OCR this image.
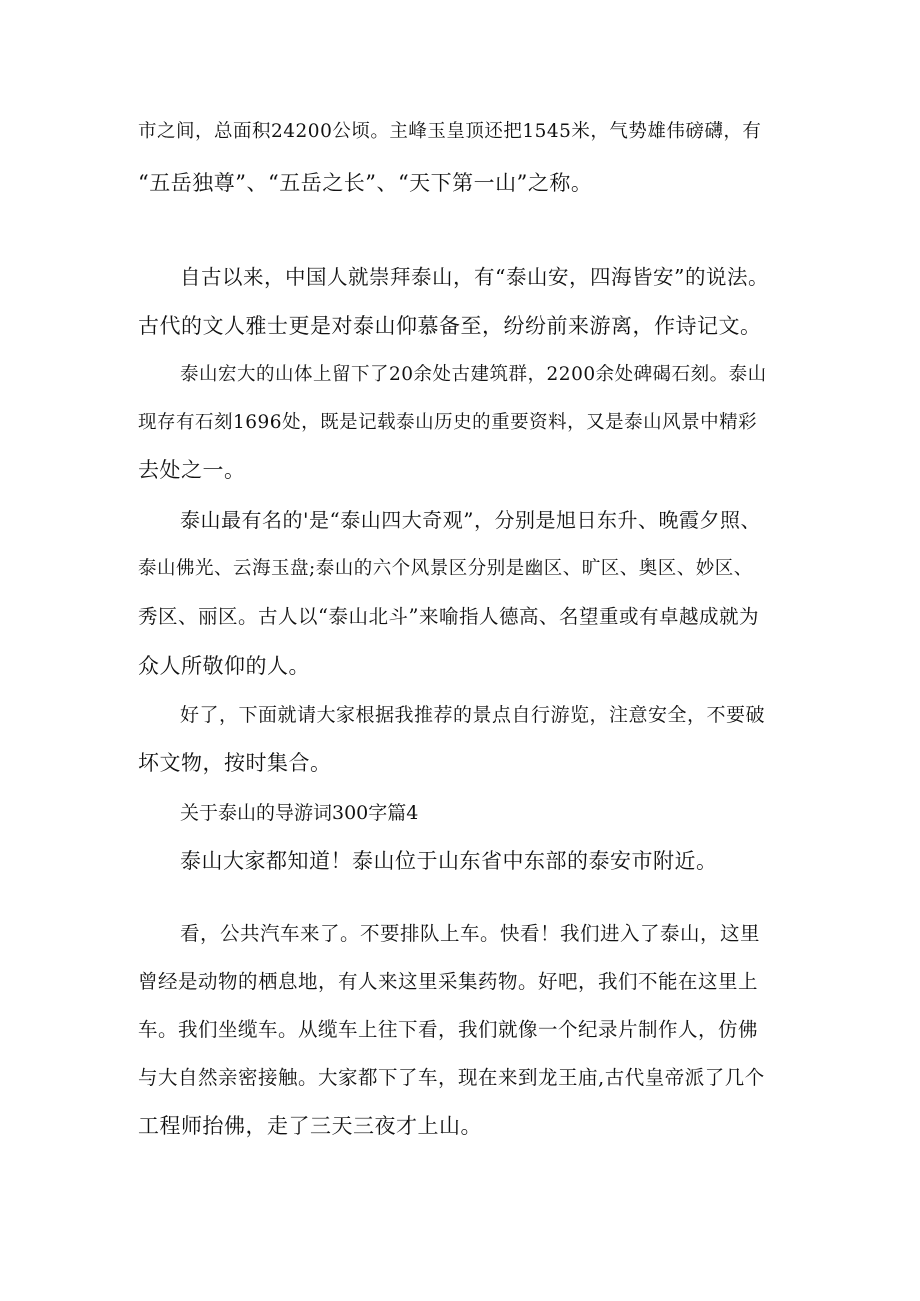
市之间，总面积24200公顷。主峰玉皇顶还把1545米，气势雄伟磅礴，有
“五岳独尊”、“五岳之长”、“天下第一山”之称。
自古以来，中国人就崇拜泰山，有“泰山安，四海皆安”的说法。
古代的文人雅士更是对泰山仰慕备至，纷纷前来游离，作诗记文。
泰山宏大的山体上留下了20余处古建筑群，2200余处碑碣石刻。泰山
现存有石刻1696处，既是记载泰山历史的重要资料，又是泰山风景中精彩
去处之一。
泰山最有名的'是“泰山四大奇观”，分别是旭日东升、晚霞夕照、
泰山佛光、云海玉盘;泰山的六个风景区分别是幽区、旷区、奥区、妙区、
秀区、丽区。古人以“泰山北斗”来喻指人德高、名望重或有卓越成就为
众人所敬仰的人。
好了，下面就请大家根据我推荐的景点自行游览，注意安全，不要破
坏文物，按时集合。
关于泰山的导游词300字篇4
泰山大家都知道！泰山位于山东省中东部的泰安市附近。
看，公共汽车来了。不要排队上车。快看！我们进入了泰山，这里
曾经是动物的栖息地，有人来这里采集药物。好吧，我们不能在这里上
车。我们坐缆车。从缆车上往下看，我们就像一个纪录片制作人，仿佛
与大自然亲密接触。大家都下了车，现在来到龙王庙,古代皇帝派了几个
工程师抬佛，走了三天三夜才上山。
